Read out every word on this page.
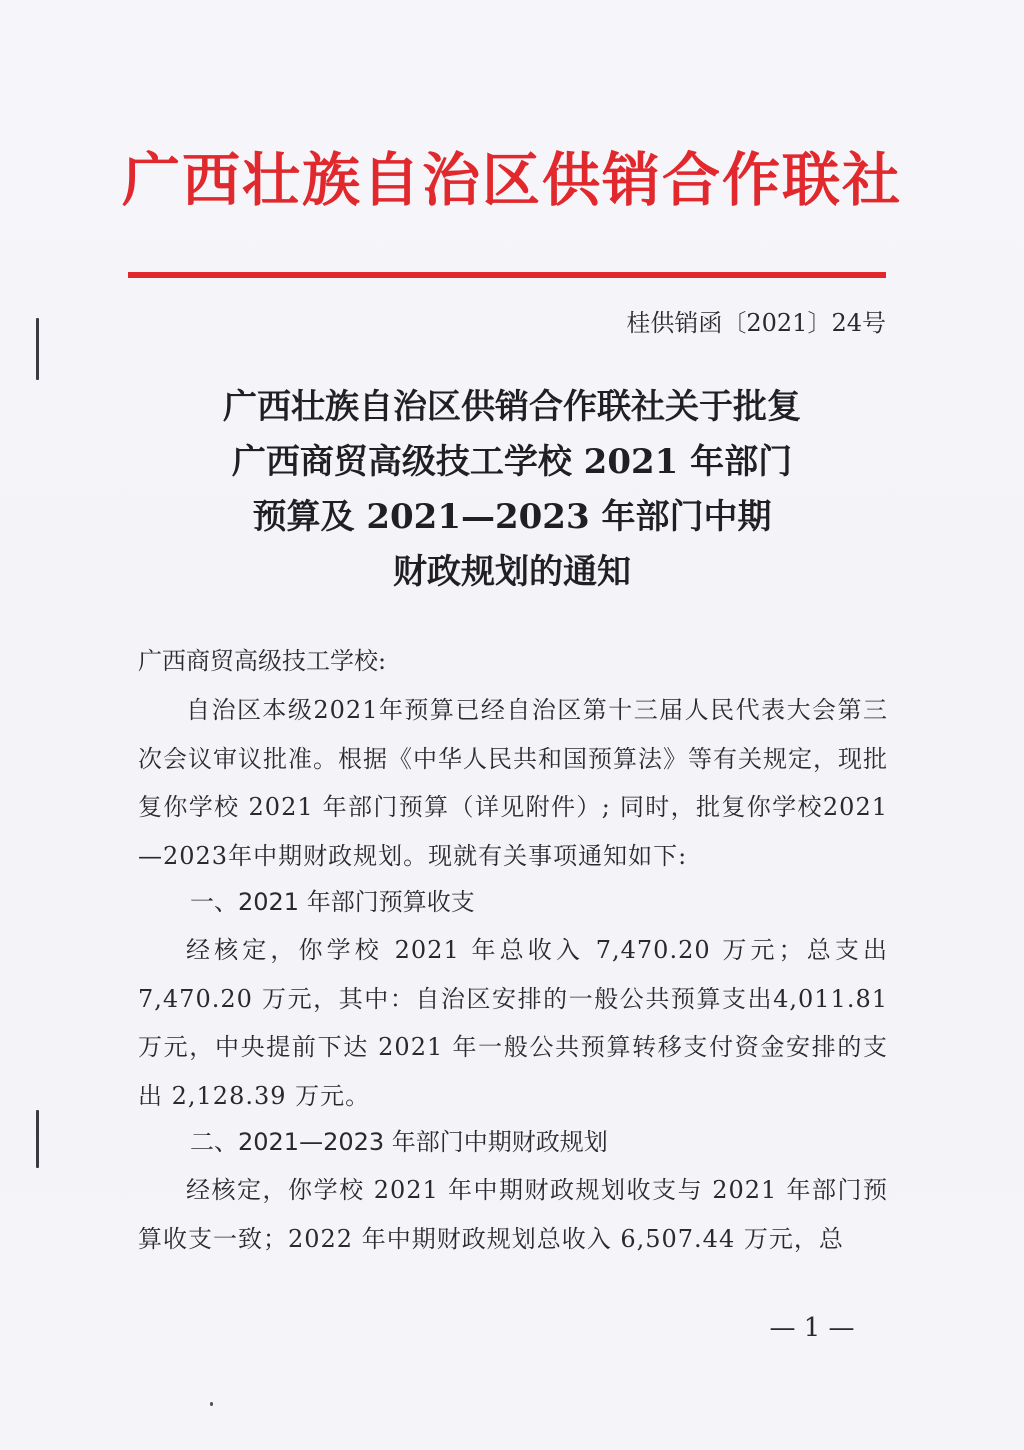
广西壮族自治区供销合作联社
桂供销函〔2021〕24号
广西壮族自治区供销合作联社关于批复
广西商贸高级技工学校 2021 年部门
预算及 2021—2023 年部门中期
财政规划的通知
广西商贸高级技工学校:
自治区本级2021年预算已经自治区第十三届人民代表大会第三次会议审议批准。根据《中华人民共和国预算法》等有关规定，现批复你学校 2021 年部门预算（详见附件）; 同时，批复你学校2021—2023年中期财政规划。现就有关事项通知如下:
一、2021 年部门预算收支
经核定，你学校 2021 年总收入 7,470.20 万元；总支出 7,470.20 万元，其中：自治区安排的一般公共预算支出4,011.81 万元，中央提前下达 2021 年一般公共预算转移支付资金安排的支出 2,128.39 万元。
二、2021—2023 年部门中期财政规划
经核定，你学校 2021 年中期财政规划收支与 2021 年部门预算收支一致；2022 年中期财政规划总收入 6,507.44 万元，总
— 1 —
